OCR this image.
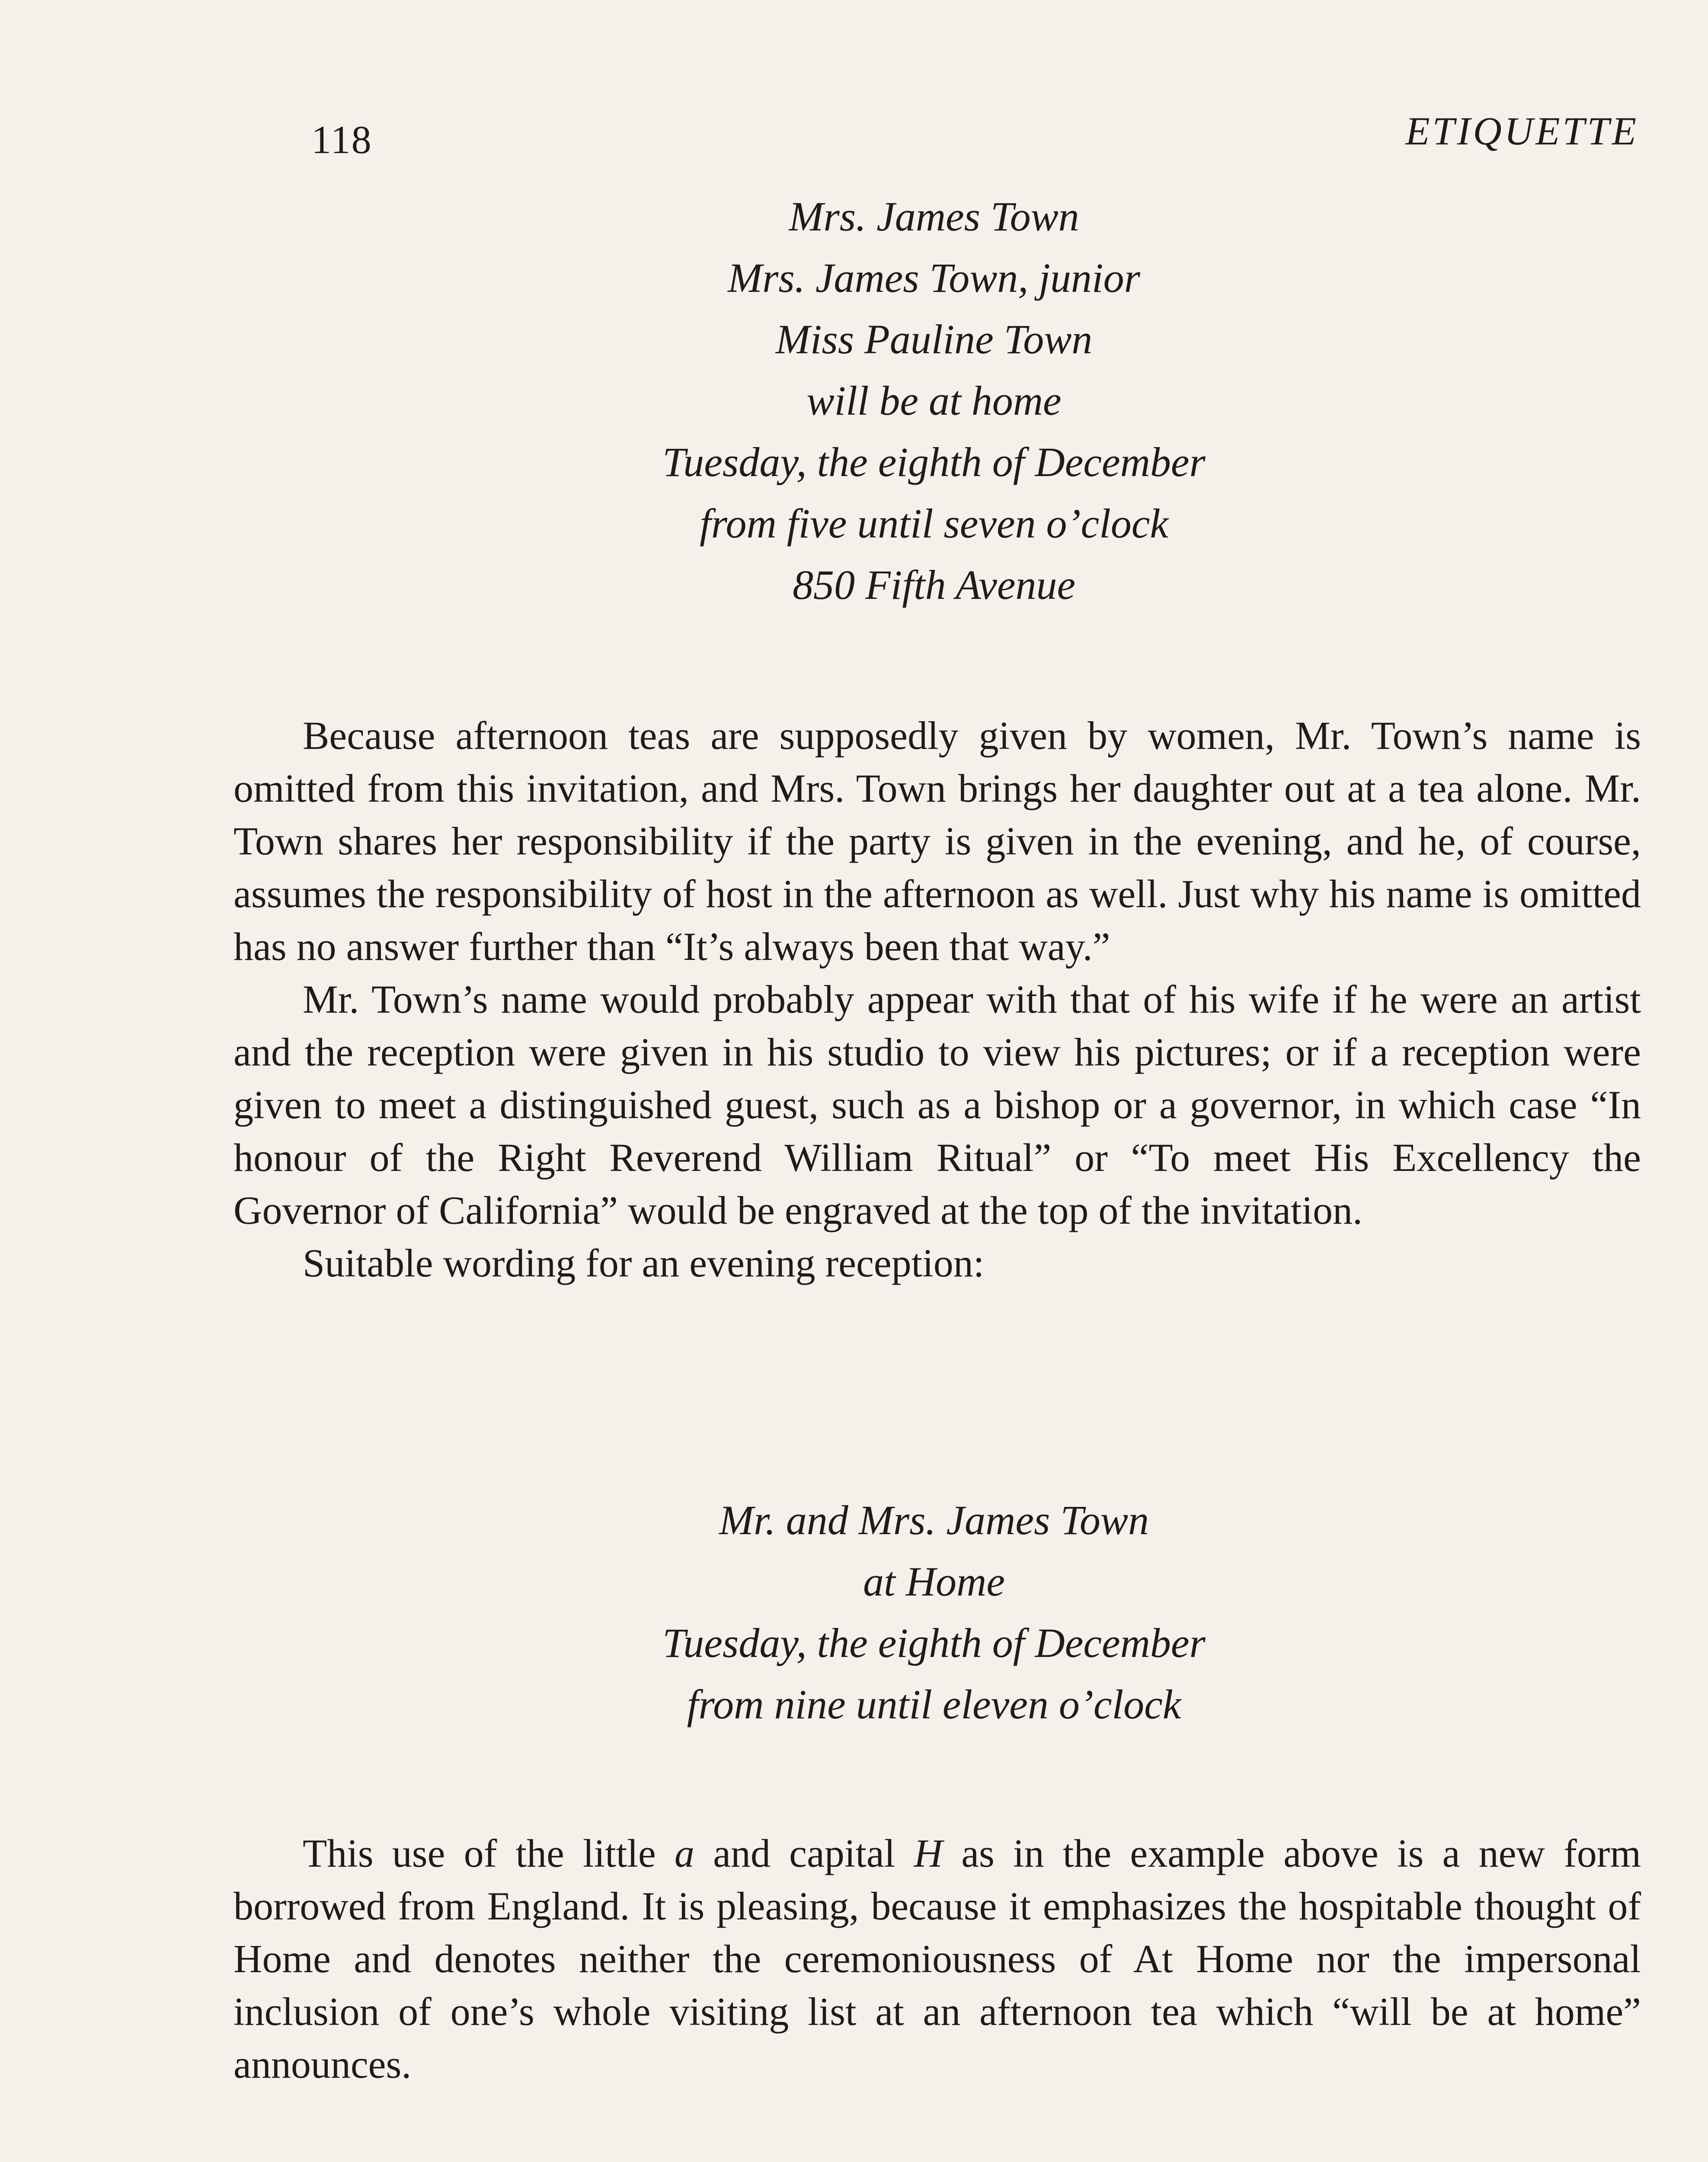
118	ETIQUETTE
Mrs. James Town
Mrs. James Town, junior
Miss Pauline Town
will be at home
Tuesday, the eighth of December
from five until seven o’clock
850 Fifth Avenue

Because afternoon teas are supposedly given by women, Mr. Town’s name is omitted from this invitation, and Mrs. Town brings her daughter out at a tea alone. Mr. Town shares her responsibility if the party is given in the evening, and he, of course, assumes the responsibility of host in the afternoon as well. Just why his name is omitted has no answer further than “It’s always been that way.”

Mr. Town’s name would probably appear with that of his wife if he were an artist and the reception were given in his studio to view his pictures; or if a reception were given to meet a distinguished guest, such as a bishop or a governor, in which case “In honour of the Right Reverend William Ritual” or “To meet His Excellency the Governor of California” would be engraved at the top of the invitation.

Suitable wording for an evening reception:

Mr. and Mrs. James Town
at Home
Tuesday, the eighth of December
from nine until eleven o’clock

This use of the little a and capital H as in the example above is a new form borrowed from England. It is pleasing, because it emphasizes the hospitable thought of Home and denotes neither the ceremoniousness of At Home nor the impersonal inclusion of one’s whole visiting list at an afternoon tea which “will be at home” announces.
